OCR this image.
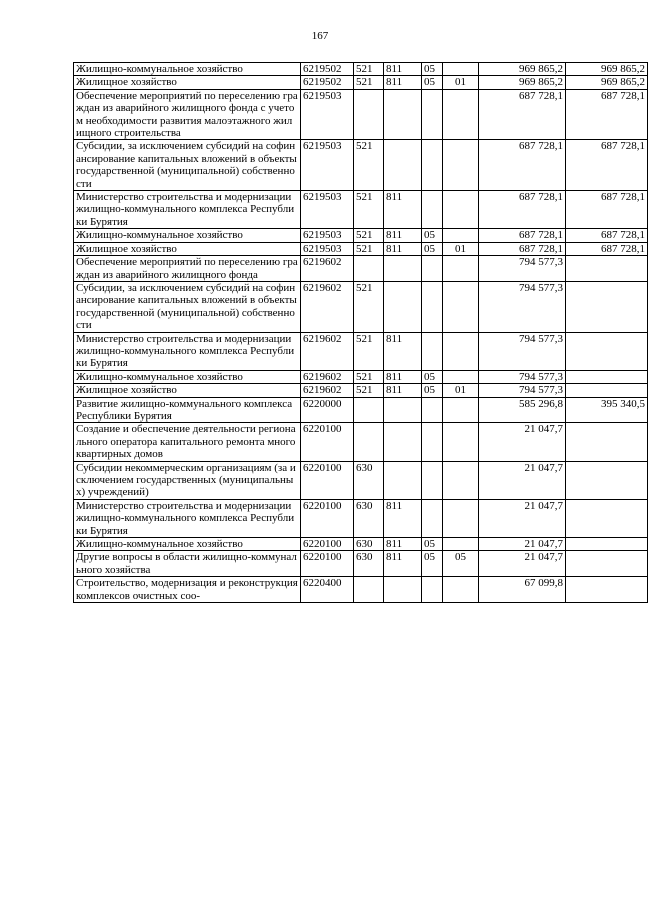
167
Жилищно-коммунальное хозяйство	6219502	521	811	05		969 865,2	969 865,2
Жилищное хозяйство	6219502	521	811	05	01	969 865,2	969 865,2
Обеспечение мероприятий по переселению граждан из аварийного жилищного фонда с учетом необходимости развития малоэтажного жилищного строительства	6219503					687 728,1	687 728,1
Субсидии, за исключением субсидий на софинансирование капитальных вложений в объекты государственной (муниципальной) собственности	6219503	521				687 728,1	687 728,1
Министерство строительства и модернизации жилищно-коммунального комплекса Республики Бурятия	6219503	521	811			687 728,1	687 728,1
Жилищно-коммунальное хозяйство	6219503	521	811	05		687 728,1	687 728,1
Жилищное хозяйство	6219503	521	811	05	01	687 728,1	687 728,1
Обеспечение мероприятий по переселению граждан из аварийного жилищного фонда	6219602					794 577,3	
Субсидии, за исключением субсидий на софинансирование капитальных вложений в объекты государственной (муниципальной) собственности	6219602	521				794 577,3	
Министерство строительства и модернизации жилищно-коммунального комплекса Республики Бурятия	6219602	521	811			794 577,3	
Жилищно-коммунальное хозяйство	6219602	521	811	05		794 577,3	
Жилищное хозяйство	6219602	521	811	05	01	794 577,3	
Развитие жилищно-коммунального комплекса Республики Бурятия	6220000					585 296,8	395 340,5
Создание и обеспечение деятельности регионального оператора капитального ремонта многоквартирных домов	6220100					21 047,7	
Субсидии некоммерческим организациям (за исключением государственных (муниципальных) учреждений)	6220100	630				21 047,7	
Министерство строительства и модернизации жилищно-коммунального комплекса Республики Бурятия	6220100	630	811			21 047,7	
Жилищно-коммунальное хозяйство	6220100	630	811	05		21 047,7	
Другие вопросы в области жилищно-коммунального хозяйства	6220100	630	811	05	05	21 047,7	
Строительство, модернизация и реконструкция комплексов очистных соо-	6220400					67 099,8	
